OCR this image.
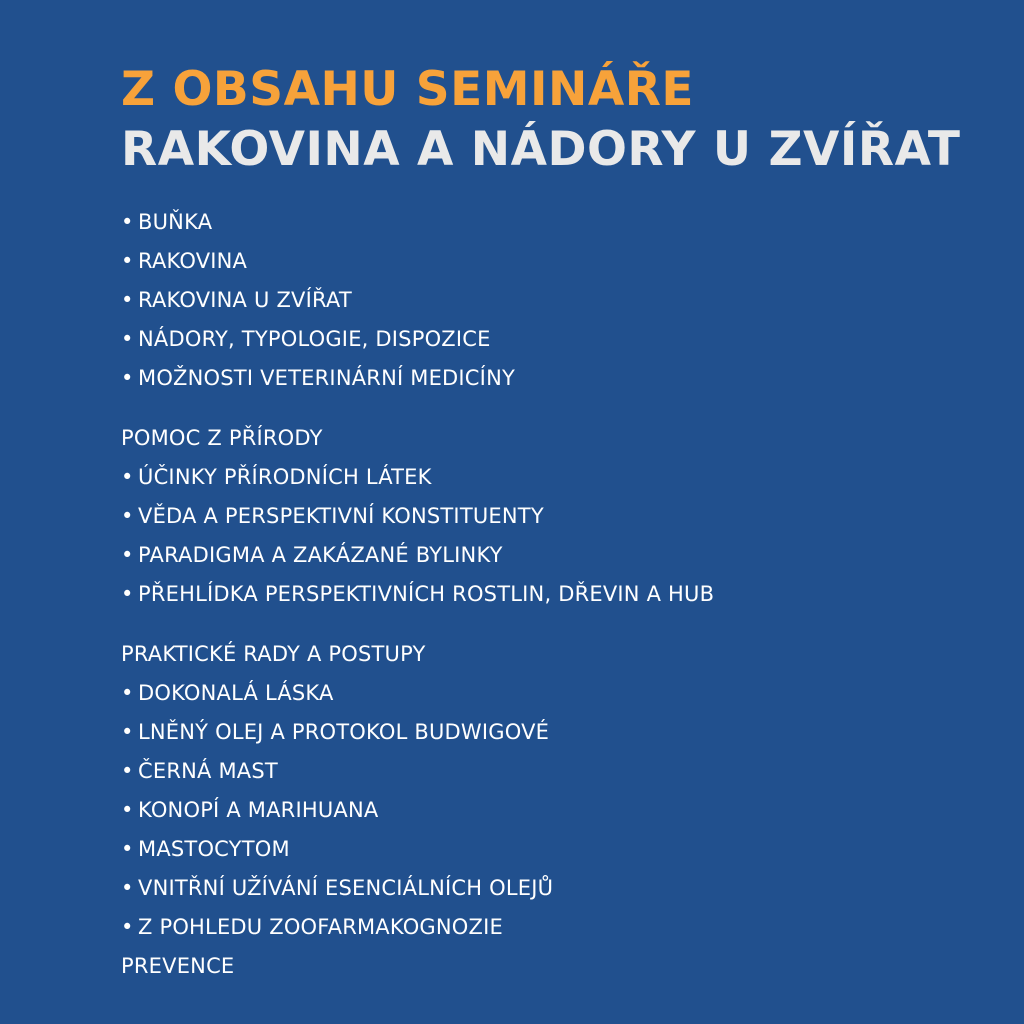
Z OBSAHU SEMINÁŘE
RAKOVINA A NÁDORY U ZVÍŘAT
• BUŇKA
• RAKOVINA
• RAKOVINA U ZVÍŘAT
• NÁDORY, TYPOLOGIE, DISPOZICE
• MOŽNOSTI VETERINÁRNÍ MEDICÍNY
POMOC Z PŘÍRODY
• ÚČINKY PŘÍRODNÍCH LÁTEK
• VĚDA A PERSPEKTIVNÍ KONSTITUENTY
• PARADIGMA A ZAKÁZANÉ BYLINKY
• PŘEHLÍDKA PERSPEKTIVNÍCH ROSTLIN, DŘEVIN A HUB
PRAKTICKÉ RADY A POSTUPY
• DOKONALÁ LÁSKA
• LNĚNÝ OLEJ A PROTOKOL BUDWIGOVÉ
• ČERNÁ MAST
• KONOPÍ A MARIHUANA
• MASTOCYTOM
• VNITŘNÍ UŽÍVÁNÍ ESENCIÁLNÍCH OLEJŮ
• Z POHLEDU ZOOFARMAKOGNOZIE
PREVENCE
